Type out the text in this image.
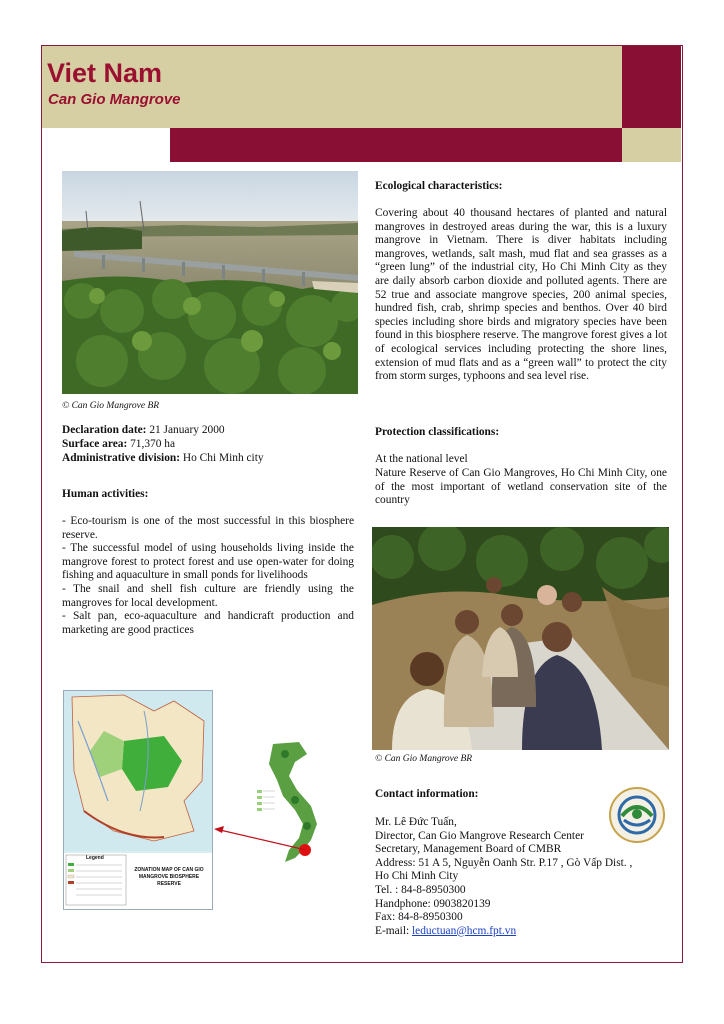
Viet Nam
Can Gio Mangrove
© Can Gio Mangrove BR
Declaration date: 21 January 2000
Surface area: 71,370 ha
Administrative division: Ho Chi Minh city
Human activities:
- Eco-tourism is one of the most successful in this biosphere reserve.
- The successful model of using households living inside the mangrove forest to protect forest and use open-water for doing fishing and aquaculture in small ponds for livelihoods
- The snail and shell fish culture are friendly using the mangroves for local development.
- Salt pan, eco-aquaculture and handicraft production and marketing are good practices
Ecological characteristics:
Covering about 40 thousand hectares of planted and natural mangroves in destroyed areas during the war, this is a luxury mangrove in Vietnam. There is diver habitats including mangroves, wetlands, salt mash, mud flat and sea grasses as a “green lung” of the industrial city, Ho Chi Minh City as they are daily absorb carbon dioxide and polluted agents. There are 52 true and associate mangrove species, 200 animal species, hundred fish, crab, shrimp species and benthos. Over 40 bird species including shore birds and migratory species have been found in this biosphere reserve. The mangrove forest gives a lot of ecological services including protecting the shore lines, extension of mud flats and as a “green wall” to protect the city from storm surges, typhoons and sea level rise.
Protection classifications:
At the national level
Nature Reserve of Can Gio Mangroves, Ho Chi Minh City, one of the most important of wetland conservation site of the country
© Can Gio Mangrove BR
Legend
ZONATION MAP OF CAN GIO
MANGROVE BIOSPHERE RESERVE
Contact information:
Mr. Lê Đức Tuấn,
Director, Can Gio Mangrove Research Center
Secretary, Management Board of CMBR
Address: 51 A 5, Nguyễn Oanh Str. P.17 , Gò Vấp Dist. ,
Ho Chi Minh City
Tel. : 84-8-8950300
Handphone: 0903820139
Fax: 84-8-8950300
E-mail: leductuan@hcm.fpt.vn
